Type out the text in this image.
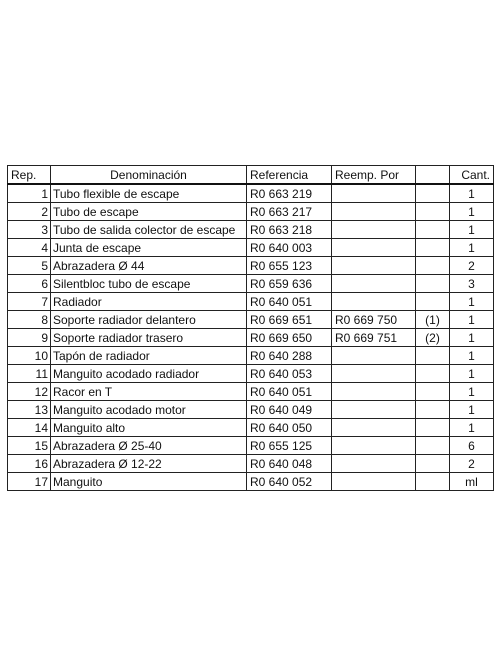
Rep.	Denominación	Referencia	Reemp. Por		Cant.
1	Tubo flexible de escape	R0 663 219			1
2	Tubo de escape	R0 663 217			1
3	Tubo de salida colector de escape	R0 663 218			1
4	Junta de escape	R0 640 003			1
5	Abrazadera Ø 44	R0 655 123			2
6	Silentbloc tubo de escape	R0 659 636			3
7	Radiador	R0 640 051			1
8	Soporte radiador delantero	R0 669 651	R0 669 750	(1)	1
9	Soporte radiador trasero	R0 669 650	R0 669 751	(2)	1
10	Tapón de radiador	R0 640 288			1
11	Manguito acodado radiador	R0 640 053			1
12	Racor en T	R0 640 051			1
13	Manguito acodado motor	R0 640 049			1
14	Manguito alto	R0 640 050			1
15	Abrazadera Ø 25-40	R0 655 125			6
16	Abrazadera Ø 12-22	R0 640 048			2
17	Manguito	R0 640 052			ml
